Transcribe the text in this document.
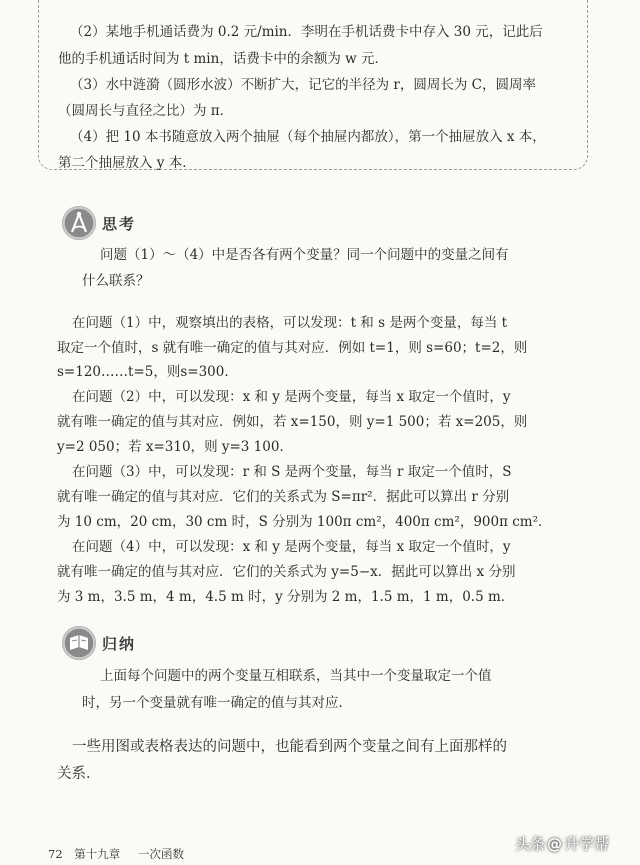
（2）某地手机通话费为 0.2 元/min．李明在手机话费卡中存入 30 元，记此后
他的手机通话时间为 t min，话费卡中的余额为 w 元．
（3）水中涟漪（圆形水波）不断扩大，记它的半径为 r，圆周长为 C，圆周率
（圆周长与直径之比）为 π．
（4）把 10 本书随意放入两个抽屉（每个抽屉内都放），第一个抽屉放入 x 本，
第二个抽屉放入 y 本．
思考
问题（1）～（4）中是否各有两个变量？同一个问题中的变量之间有
什么联系？
在问题（1）中，观察填出的表格，可以发现：t 和 s 是两个变量，每当 t
取定一个值时，s 就有唯一确定的值与其对应．例如 t=1，则 s=60；t=2，则
s=120……t=5，则s=300．
在问题（2）中，可以发现：x 和 y 是两个变量，每当 x 取定一个值时，y
就有唯一确定的值与其对应．例如，若 x=150，则 y=1 500；若 x=205，则
y=2 050；若 x=310，则 y=3 100．
在问题（3）中，可以发现：r 和 S 是两个变量，每当 r 取定一个值时，S
就有唯一确定的值与其对应．它们的关系式为 S=πr²．据此可以算出 r 分别
为 10 cm，20 cm，30 cm 时，S 分别为 100π cm²，400π cm²，900π cm²．
在问题（4）中，可以发现：x 和 y 是两个变量，每当 x 取定一个值时，y
就有唯一确定的值与其对应．它们的关系式为 y=5−x．据此可以算出 x 分别
为 3 m，3.5 m，4 m，4.5 m 时，y 分别为 2 m，1.5 m，1 m，0.5 m．
归纳
上面每个问题中的两个变量互相联系，当其中一个变量取定一个值
时，另一个变量就有唯一确定的值与其对应．
一些用图或表格表达的问题中，也能看到两个变量之间有上面那样的
关系．
72 第十九章 一次函数
头条 @ 升学帮
